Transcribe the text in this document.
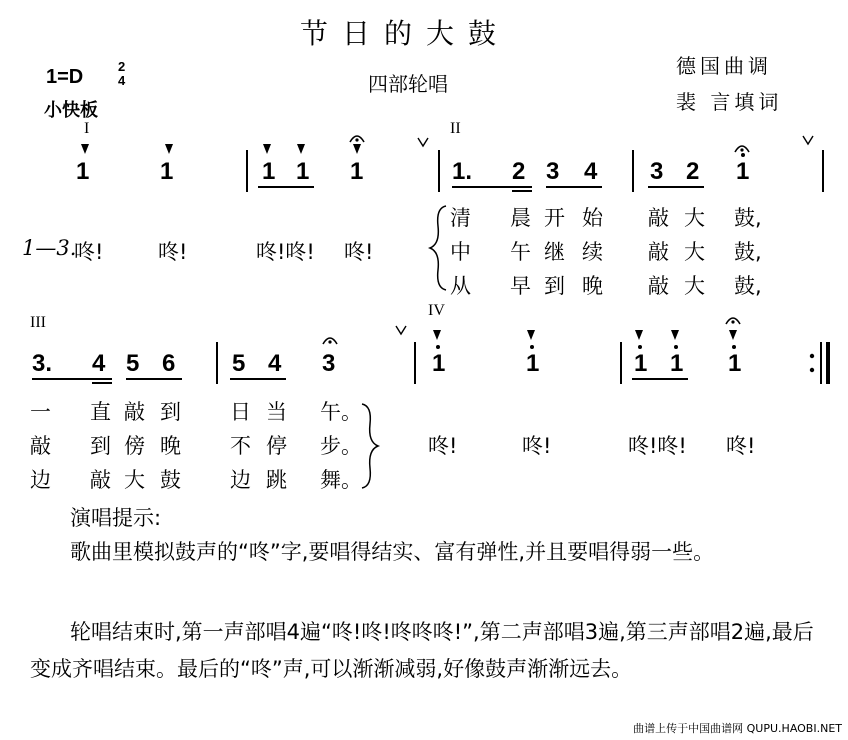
节日的大鼓
1=D	2
4
小快板
四部轮唱
德国曲调
裴 言填词
I	II
III
IV
1	1	1 1 1	1. 2 3 4 3 2 1
1—3.
咚!	咚!	咚!咚! 咚!
清 晨 开 始 敲 大 鼓,
中 午 继 续 敲 大 鼓,
从 早 到 晚 敲 大 鼓,
3. 4 5 6 5 4 3	1	1	1 1 1
一 直 敲 到 日 当 午。
敲 到 傍 晚 不 停 步。
边 敲 大 鼓 边 跳 舞。
咚!	咚!	咚!咚! 咚!
演唱提示:
歌曲里模拟鼓声的“咚”字,要唱得结实、富有弹性,并且要唱得弱一些。
轮唱结束时,第一声部唱4遍“咚!咚!咚咚咚!”,第二声部唱3遍,第三声部唱2遍,最后变成齐唱结束。最后的“咚”声,可以渐渐减弱,好像鼓声渐渐远去。
曲谱上传于中国曲谱网 QUPU.HAOBI.NET
